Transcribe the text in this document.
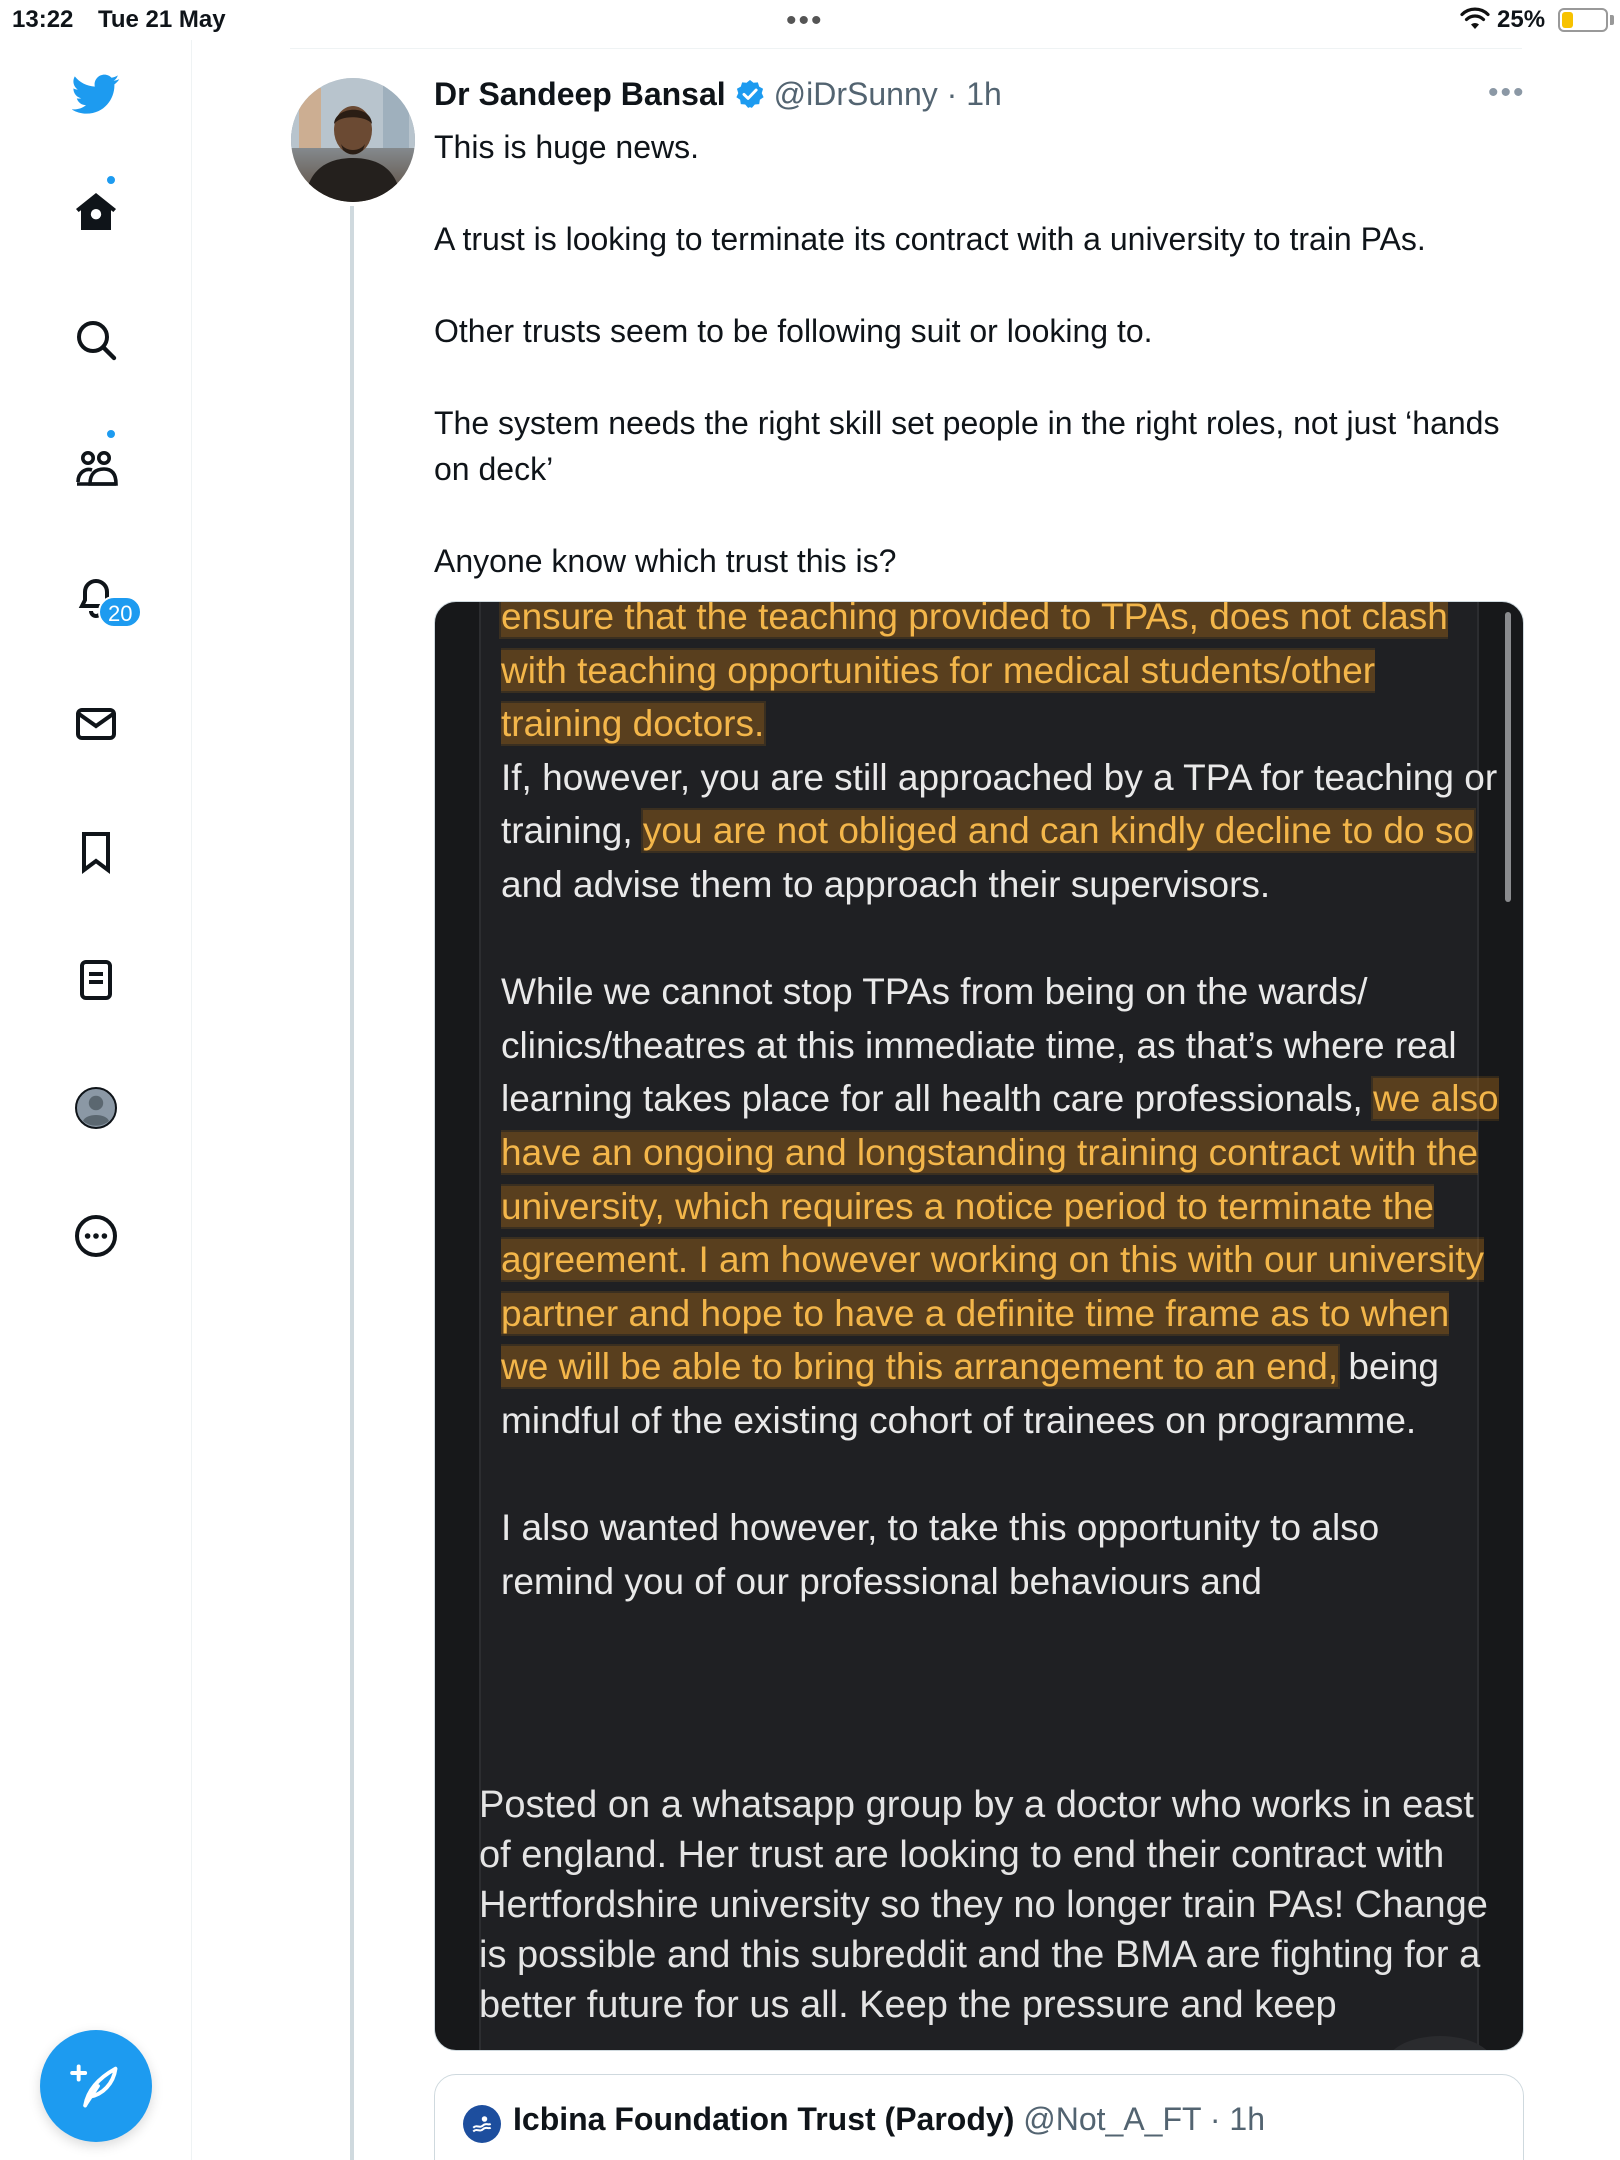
13:22 Tue 21 May	•••	25%
20
Dr Sandeep Bansal @iDrSunny · 1h	•••

This is huge news.

A trust is looking to terminate its contract with a university to train PAs.

Other trusts seem to be following suit or looking to.

The system needs the right skill set people in the right roles, not just ‘hands on deck’

Anyone know which trust this is?

ensure that the teaching provided to TPAs, does not clash with teaching opportunities for medical students/other training doctors.

If, however, you are still approached by a TPA for teaching or training, you are not obliged and can kindly decline to do so and advise them to approach their supervisors.

While we cannot stop TPAs from being on the wards/ clinics/theatres at this immediate time, as that’s where real learning takes place for all health care professionals, we also have an ongoing and longstanding training contract with the university, which requires a notice period to terminate the agreement. I am however working on this with our university partner and hope to have a definite time frame as to when we will be able to bring this arrangement to an end, being mindful of the existing cohort of trainees on programme.

I also wanted however, to take this opportunity to also remind you of our professional behaviours and

Posted on a whatsapp group by a doctor who works in east of england. Her trust are looking to end their contract with Hertfordshire university so they no longer train PAs! Change is possible and this subreddit and the BMA are fighting for a better future for us all. Keep the pressure and keep
Icbina Foundation Trust (Parody) @Not_A_FT · 1h
